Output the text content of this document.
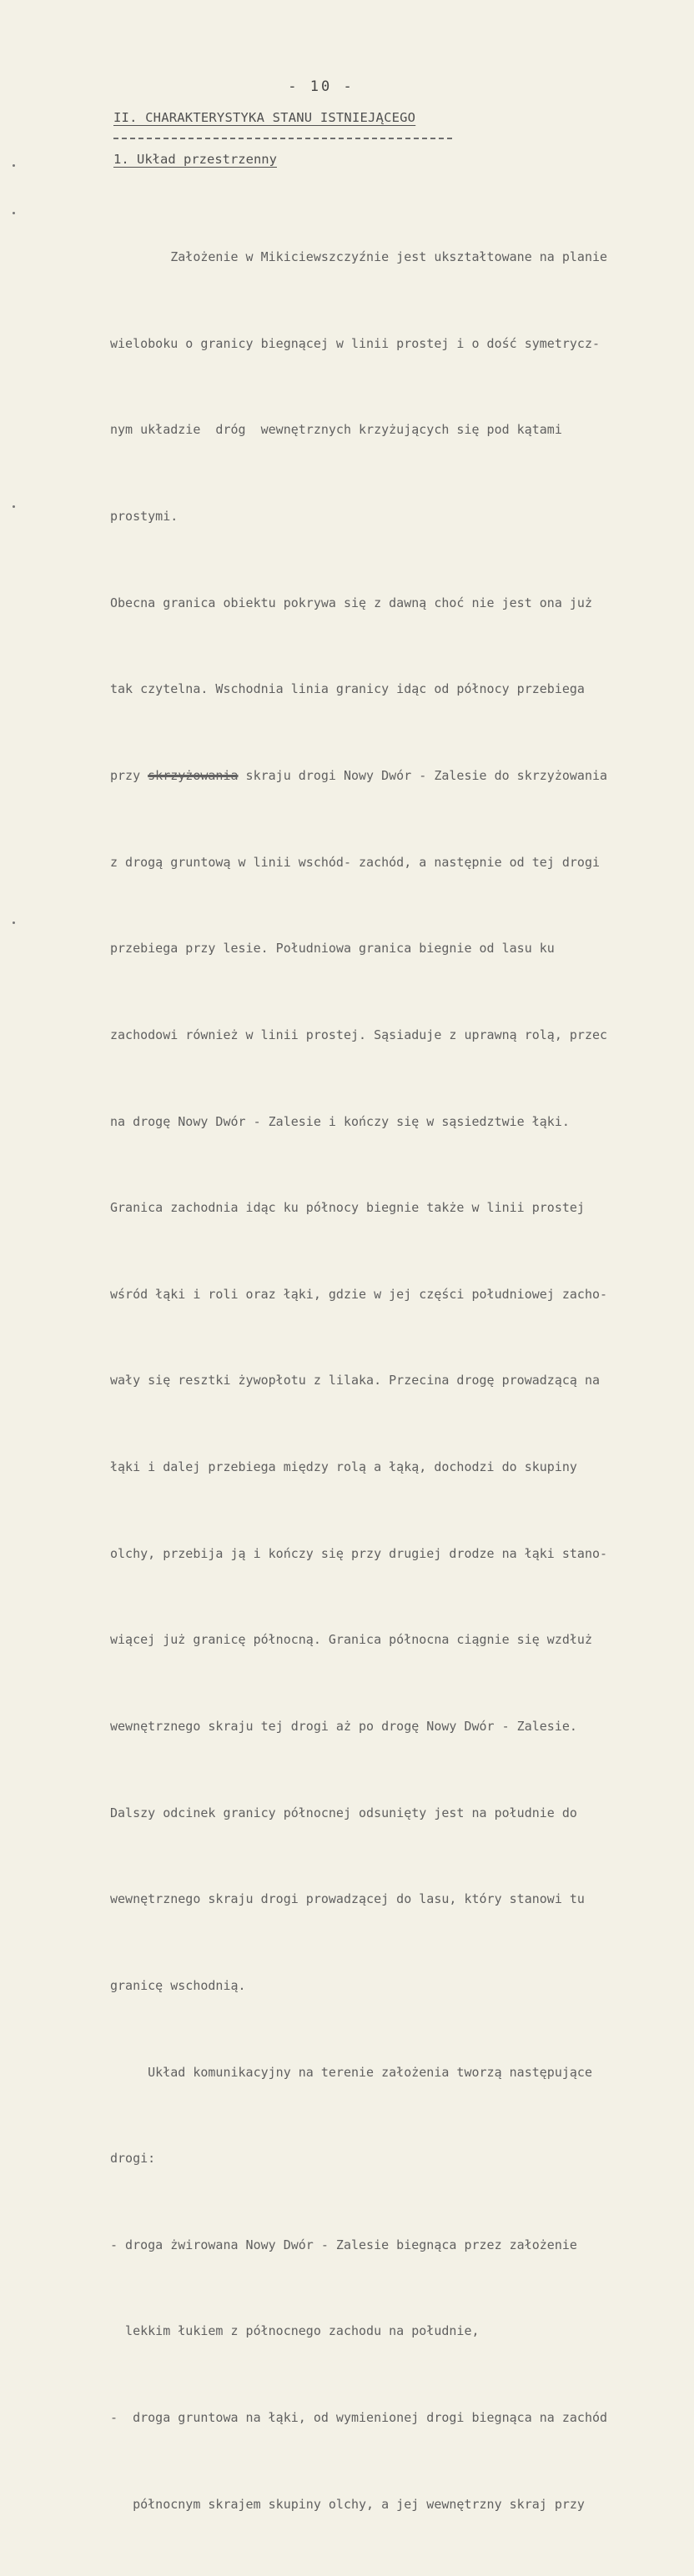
- 10 -
II. CHARAKTERYSTYKA STANU ISTNIEJĄCEGO
1. Układ przestrzenny

Założenie w Mikiciewszczyźnie jest ukształtowane na planie

wieloboku o granicy biegnącej w linii prostej i o dość symetrycz-

nym układzie  dróg  wewnętrznych krzyżujących się pod kątami

prostymi.

Obecna granica obiektu pokrywa się z dawną choć nie jest ona już

tak czytelna. Wschodnia linia granicy idąc od północy przebiega

przy skrzyżowania skraju drogi Nowy Dwór - Zalesie do skrzyżowania

z drogą gruntową w linii wschód- zachód, a następnie od tej drogi

przebiega przy lesie. Południowa granica biegnie od lasu ku

zachodowi również w linii prostej. Sąsiaduje z uprawną rolą, przec

na drogę Nowy Dwór - Zalesie i kończy się w sąsiedztwie łąki.

Granica zachodnia idąc ku północy biegnie także w linii prostej

wśród łąki i roli oraz łąki, gdzie w jej części południowej zacho-

wały się resztki żywopłotu z lilaka. Przecina drogę prowadzącą na

łąki i dalej przebiega między rolą a łąką, dochodzi do skupiny

olchy, przebija ją i kończy się przy drugiej drodze na łąki stano-

wiącej już granicę północną. Granica północna ciągnie się wzdłuż

wewnętrznego skraju tej drogi aż po drogę Nowy Dwór - Zalesie.

Dalszy odcinek granicy północnej odsunięty jest na południe do

wewnętrznego skraju drogi prowadzącej do lasu, który stanowi tu

granicę wschodnią.

Układ komunikacyjny na terenie założenia tworzą następujące

drogi:

- droga żwirowana Nowy Dwór - Zalesie biegnąca przez założenie

lekkim łukiem z północnego zachodu na południe,

-  droga gruntowa na łąki, od wymienionej drogi biegnąca na zachód

północnym skrajem skupiny olchy, a jej wewnętrzny skraj przy
